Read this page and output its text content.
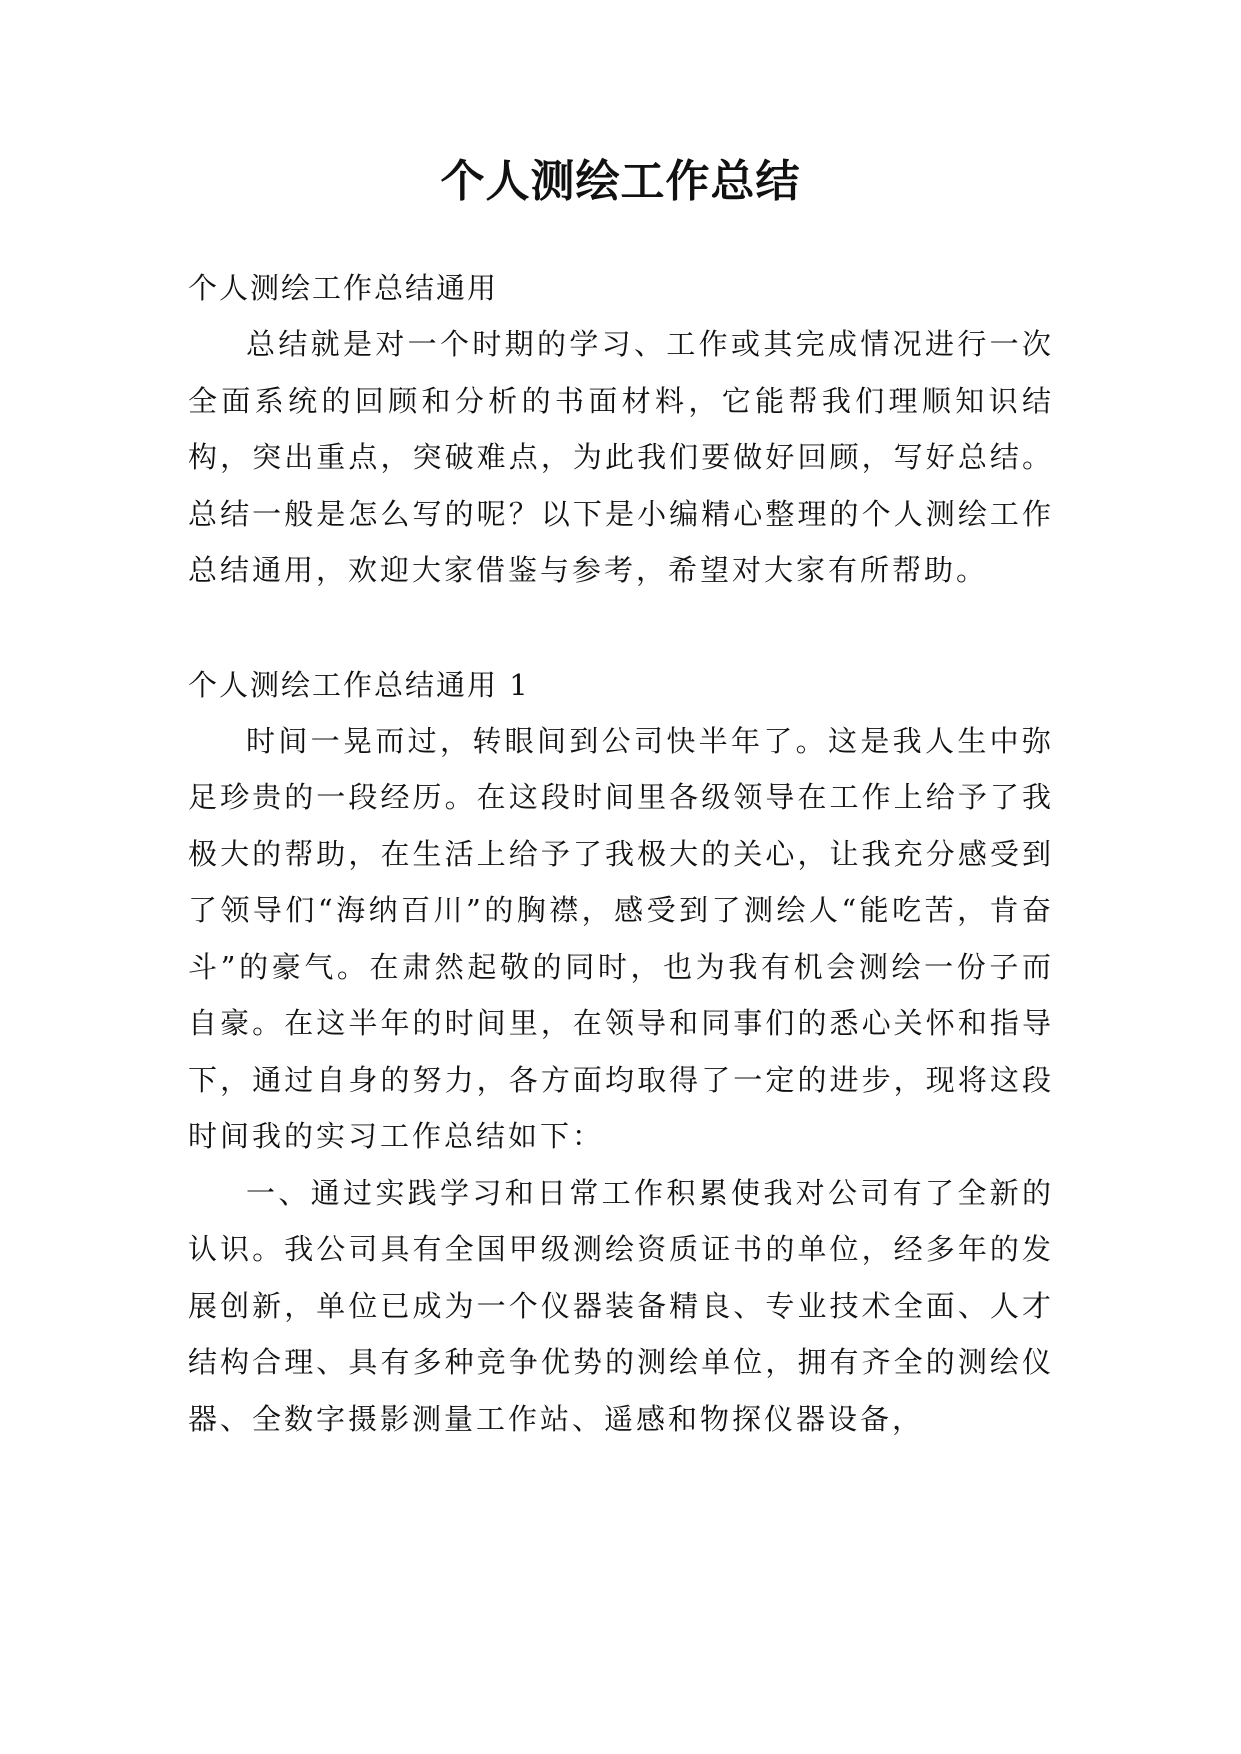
个人测绘工作总结

个人测绘工作总结通用

总结就是对一个时期的学习、工作或其完成情况进行一次全面系统的回顾和分析的书面材料，它能帮我们理顺知识结构，突出重点，突破难点，为此我们要做好回顾，写好总结。总结一般是怎么写的呢？以下是小编精心整理的个人测绘工作总结通用，欢迎大家借鉴与参考，希望对大家有所帮助。

个人测绘工作总结通用 1

时间一晃而过，转眼间到公司快半年了。这是我人生中弥足珍贵的一段经历。在这段时间里各级领导在工作上给予了我极大的帮助，在生活上给予了我极大的关心，让我充分感受到了领导们“海纳百川”的胸襟，感受到了测绘人“能吃苦，肯奋斗”的豪气。在肃然起敬的同时，也为我有机会测绘一份子而自豪。在这半年的时间里，在领导和同事们的悉心关怀和指导下，通过自身的努力，各方面均取得了一定的进步，现将这段时间我的实习工作总结如下：

一、通过实践学习和日常工作积累使我对公司有了全新的认识。我公司具有全国甲级测绘资质证书的单位，经多年的发展创新，单位已成为一个仪器装备精良、专业技术全面、人才结构合理、具有多种竞争优势的测绘单位，拥有齐全的测绘仪器、全数字摄影测量工作站、遥感和物探仪器设备，
